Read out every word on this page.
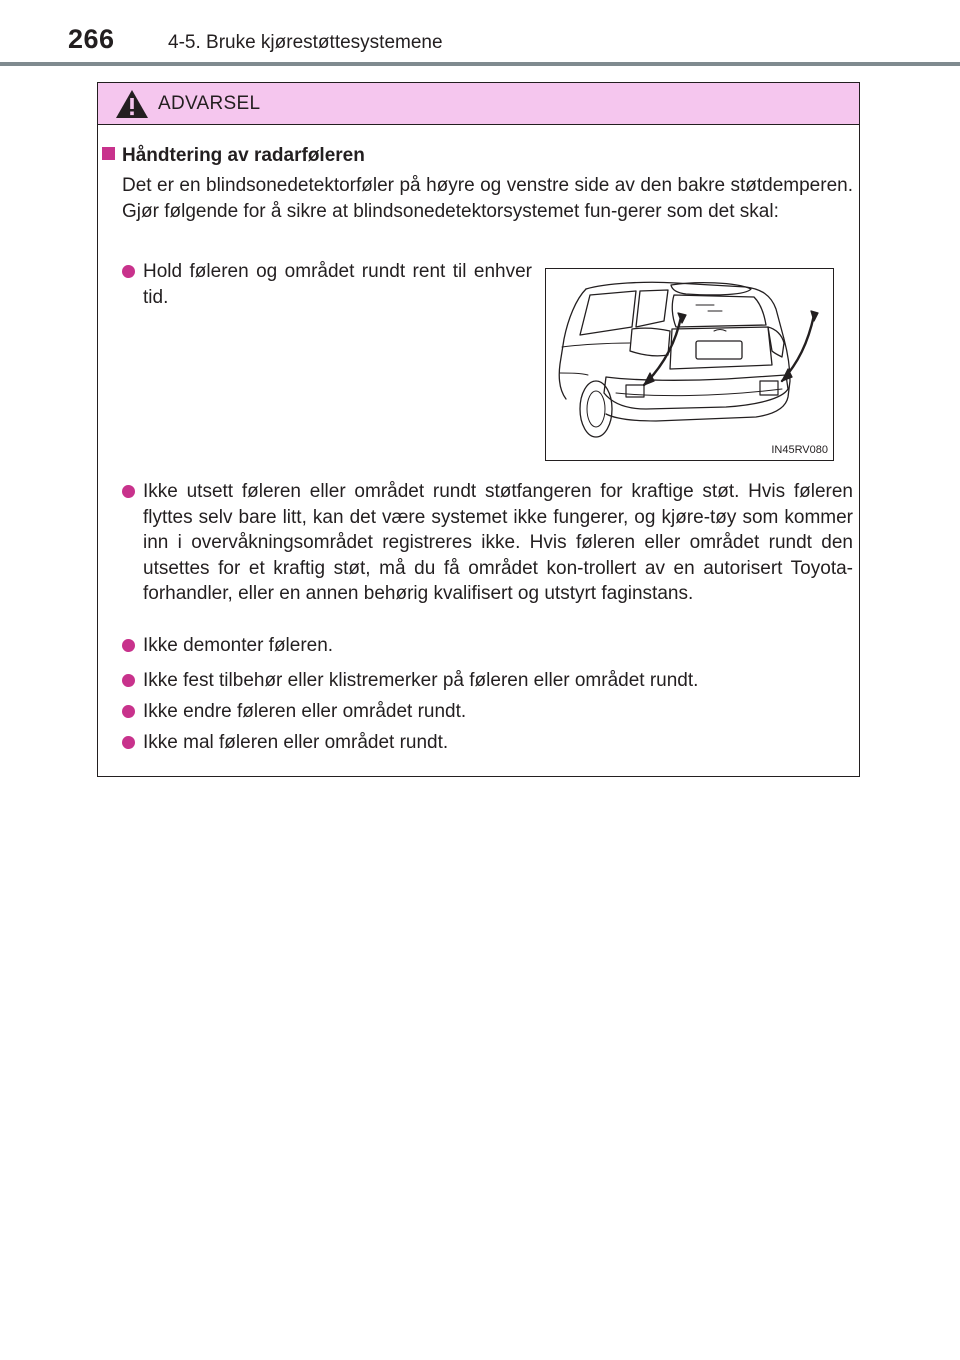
266	4-5. Bruke kjørestøttesystemene
ADVARSEL
Håndtering av radarføleren

Det er en blindsonedetektorføler på høyre og venstre side av den bakre støtdemperen. Gjør følgende for å sikre at blindsonedetektorsystemet fun-gerer som det skal:

Hold føleren og området rundt rent til enhver tid.

IN45RV080

Ikke utsett føleren eller området rundt støtfangeren for kraftige støt. Hvis føleren flyttes selv bare litt, kan det være systemet ikke fungerer, og kjøre-tøy som kommer inn i overvåkningsområdet registreres ikke. Hvis føleren eller området rundt den utsettes for et kraftig støt, må du få området kon-trollert av en autorisert Toyota-forhandler, eller en annen behørig kvalifisert og utstyrt faginstans.

Ikke demonter føleren.

Ikke fest tilbehør eller klistremerker på føleren eller området rundt.

Ikke endre føleren eller området rundt.

Ikke mal føleren eller området rundt.
